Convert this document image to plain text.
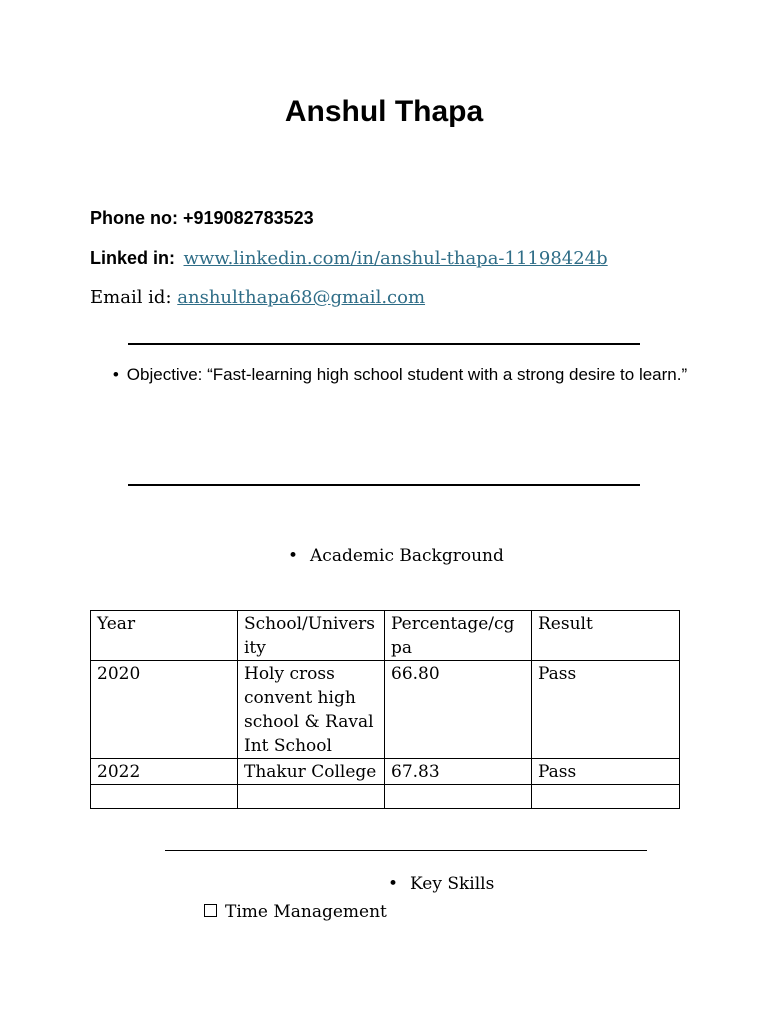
Anshul Thapa
Phone no: +919082783523
Linked in: www.linkedin.com/in/anshul-thapa-11198424b
Email id: anshulthapa68@gmail.com
• Objective: “Fast-learning high school student with a strong desire to learn.”
• Academic Background
Year	School/University	Percentage/cgpa	Result
2020	Holy cross convent high school & Raval Int School	66.80	Pass
2022	Thakur College	67.83	Pass

• Key Skills
Time Management
